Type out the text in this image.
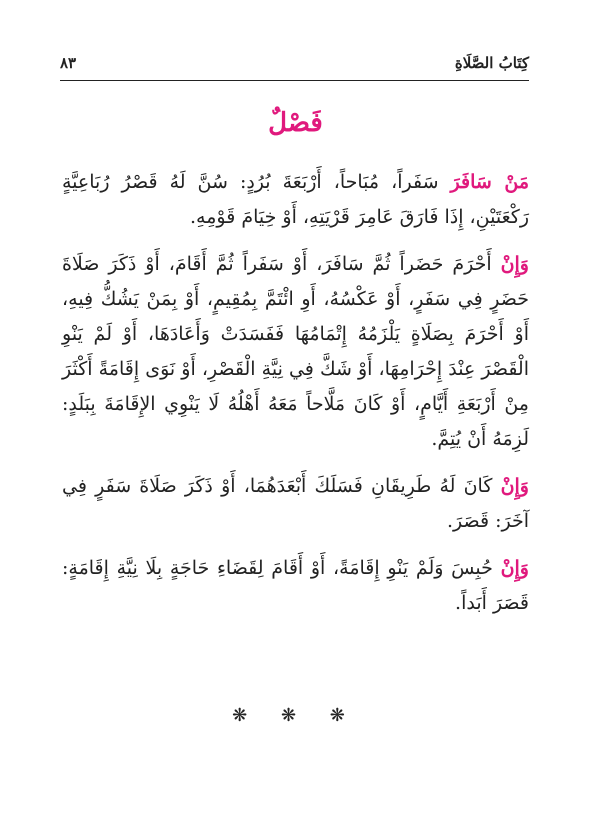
كِتَابُ الصَّلَاةِ
٨٣
فَصْلٌ

مَنْ سَافَرَ سَفَراً، مُبَاحاً، أَرْبَعَةَ بُرُدٍ: سُنَّ لَهُ قَصْرُ رُبَاعِيَّةٍ رَكْعَتَيْنِ، إِذَا فَارَقَ عَامِرَ قَرْيَتِهِ، أَوْ خِيَامَ قَوْمِهِ.

وَإِنْ أَحْرَمَ حَضَراً ثُمَّ سَافَرَ، أَوْ سَفَراً ثُمَّ أَقَامَ، أَوْ ذَكَرَ صَلَاةَ حَضَرٍ فِي سَفَرٍ، أَوْ عَكْسُهُ، أَوِ ائْتَمَّ بِمُقِيمٍ، أَوْ بِمَنْ يَشُكُّ فِيهِ، أَوْ أَحْرَمَ بِصَلَاةٍ يَلْزَمُهُ إِتْمَامُهَا فَفَسَدَتْ وَأَعَادَهَا، أَوْ لَمْ يَنْوِ الْقَصْرَ عِنْدَ إِحْرَامِهَا، أَوْ شَكَّ فِي نِيَّةِ الْقَصْرِ، أَوْ نَوَى إِقَامَةً أَكْثَرَ مِنْ أَرْبَعَةِ أَيَّامٍ، أَوْ كَانَ مَلَّاحاً مَعَهُ أَهْلُهُ لَا يَنْوِي الإِقَامَةَ بِبَلَدٍ: لَزِمَهُ أَنْ يُتِمَّ.

وَإِنْ كَانَ لَهُ طَرِيقَانِ فَسَلَكَ أَبْعَدَهُمَا، أَوْ ذَكَرَ صَلَاةَ سَفَرٍ فِي آخَرَ: قَصَرَ.

وَإِنْ حُبِسَ وَلَمْ يَنْوِ إِقَامَةً، أَوْ أَقَامَ لِقَضَاءِ حَاجَةٍ بِلَا نِيَّةِ إِقَامَةٍ: قَصَرَ أَبَداً.

❋ ❋ ❋
